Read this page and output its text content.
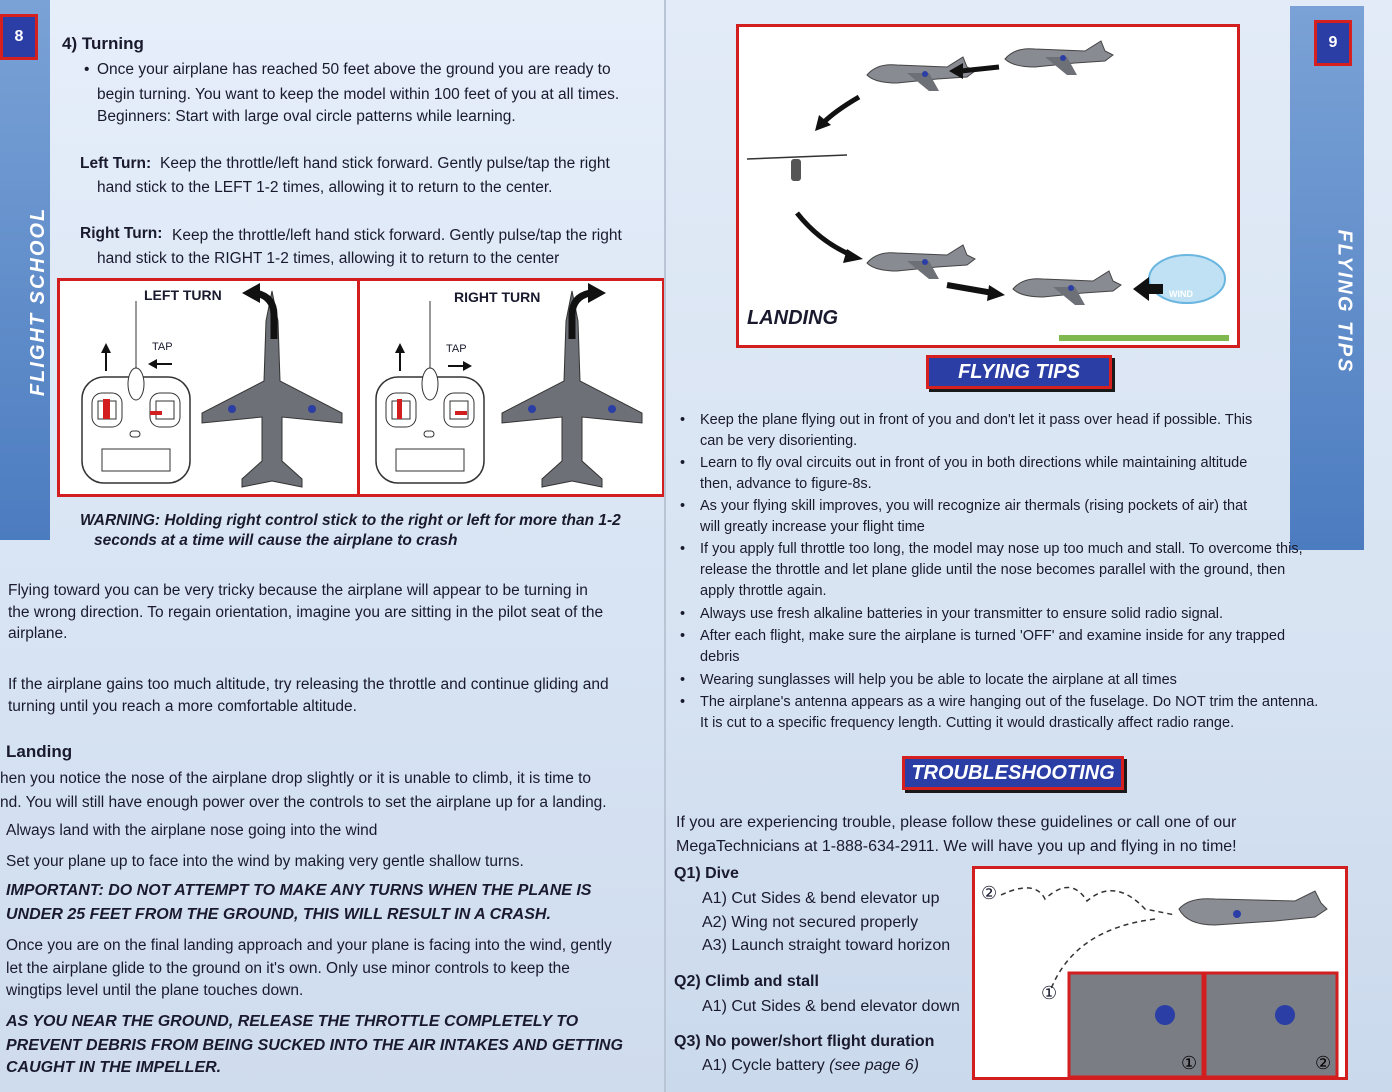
8
FLIGHT SCHOOL
4) Turning
• Once your airplane has reached 50 feet above the ground you are ready to
begin turning. You want to keep the model within 100 feet of you at all times.
Beginners: Start with large oval circle patterns while learning.
Left Turn: Keep the throttle/left hand stick forward. Gently pulse/tap the right
hand stick to the LEFT 1-2 times, allowing it to return to the center.
Right Turn: Keep the throttle/left hand stick forward. Gently pulse/tap the right
hand stick to the RIGHT 1-2 times, allowing it to return to the center
LEFT TURN	RIGHT TURN
TAP	TAP
WARNING: Holding right control stick to the right or left for more than 1-2
seconds at a time will cause the airplane to crash
Flying toward you can be very tricky because the airplane will appear to be turning in
the wrong direction. To regain orientation, imagine you are sitting in the pilot seat of the
airplane.
If the airplane gains too much altitude, try releasing the throttle and continue gliding and
turning until you reach a more comfortable altitude.
Landing
hen you notice the nose of the airplane drop slightly or it is unable to climb, it is time to
nd. You will still have enough power over the controls to set the airplane up for a landing.
Always land with the airplane nose going into the wind
Set your plane up to face into the wind by making very gentle shallow turns.
IMPORTANT: DO NOT ATTEMPT TO MAKE ANY TURNS WHEN THE PLANE IS
UNDER 25 FEET FROM THE GROUND, THIS WILL RESULT IN A CRASH.
Once you are on the final landing approach and your plane is facing into the wind, gently
let the airplane glide to the ground on it's own. Only use minor controls to keep the
wingtips level until the plane touches down.
AS YOU NEAR THE GROUND, RELEASE THE THROTTLE COMPLETELY TO
PREVENT DEBRIS FROM BEING SUCKED INTO THE AIR INTAKES AND GETTING
CAUGHT IN THE IMPELLER.
9
FLYING TIPS
LANDING
WIND
FLYING TIPS
• Keep the plane flying out in front of you and don't let it pass over head if possible. This
can be very disorienting.
• Learn to fly oval circuits out in front of you in both directions while maintaining altitude
then, advance to figure-8s.
• As your flying skill improves, you will recognize air thermals (rising pockets of air) that
will greatly increase your flight time
• If you apply full throttle too long, the model may nose up too much and stall. To overcome this,
release the throttle and let plane glide until the nose becomes parallel with the ground, then
apply throttle again.
• Always use fresh alkaline batteries in your transmitter to ensure solid radio signal.
• After each flight, make sure the airplane is turned 'OFF' and examine inside for any trapped
debris
• Wearing sunglasses will help you be able to locate the airplane at all times
• The airplane's antenna appears as a wire hanging out of the fuselage. Do NOT trim the antenna.
It is cut to a specific frequency length. Cutting it would drastically affect radio range.
TROUBLESHOOTING
If you are experiencing trouble, please follow these guidelines or call one of our
MegaTechnicians at 1-888-634-2911. We will have you up and flying in no time!
Q1) Dive
A1) Cut Sides & bend elevator up
A2) Wing not secured properly
A3) Launch straight toward horizon
Q2) Climb and stall
A1) Cut Sides & bend elevator down
Q3) No power/short flight duration
A1) Cycle battery (see page 6)
②
①
①	②
